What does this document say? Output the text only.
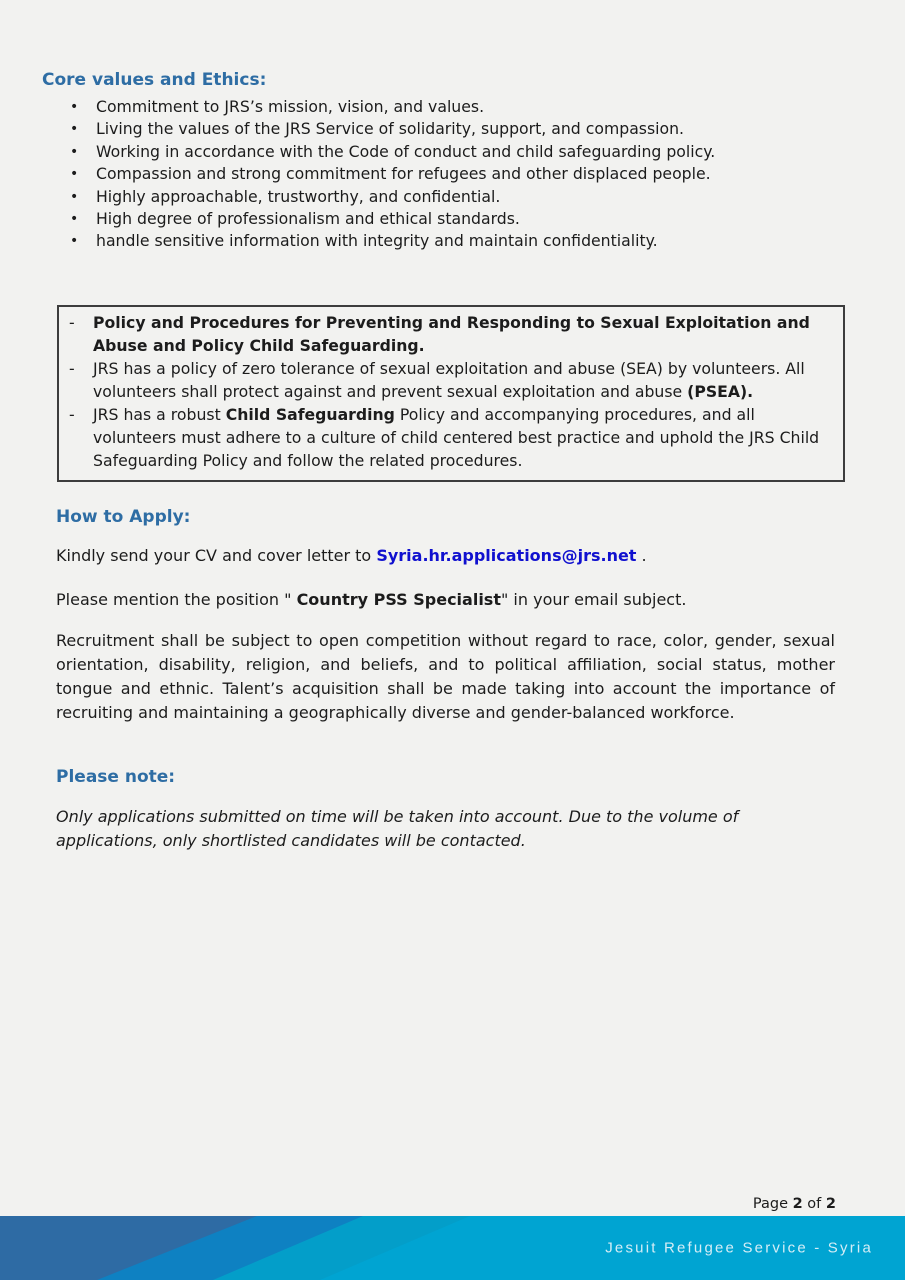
Core values and Ethics:
•	Commitment to JRS’s mission, vision, and values.
•	Living the values of the JRS Service of solidarity, support, and compassion.
•	Working in accordance with the Code of conduct and child safeguarding policy.
•	Compassion and strong commitment for refugees and other displaced people.
•	Highly approachable, trustworthy, and confidential.
•	High degree of professionalism and ethical standards.
•	handle sensitive information with integrity and maintain confidentiality.
-	Policy and Procedures for Preventing and Responding to Sexual Exploitation and Abuse and Policy Child Safeguarding.
-	JRS has a policy of zero tolerance of sexual exploitation and abuse (SEA) by volunteers. All volunteers shall protect against and prevent sexual exploitation and abuse (PSEA).
-	JRS has a robust Child Safeguarding Policy and accompanying procedures, and all volunteers must adhere to a culture of child centered best practice and uphold the JRS Child Safeguarding Policy and follow the related procedures.
How to Apply:

Kindly send your CV and cover letter to Syria.hr.applications@jrs.net .

Please mention the position " Country PSS Specialist" in your email subject.

Recruitment shall be subject to open competition without regard to race, color, gender, sexual orientation, disability, religion, and beliefs, and to political affiliation, social status, mother tongue and ethnic. Talent’s acquisition shall be made taking into account the importance of recruiting and maintaining a geographically diverse and gender-balanced workforce.

Please note:

Only applications submitted on time will be taken into account. Due to the volume of applications, only shortlisted candidates will be contacted.

Page 2 of 2
Jesuit Refugee Service - Syria
